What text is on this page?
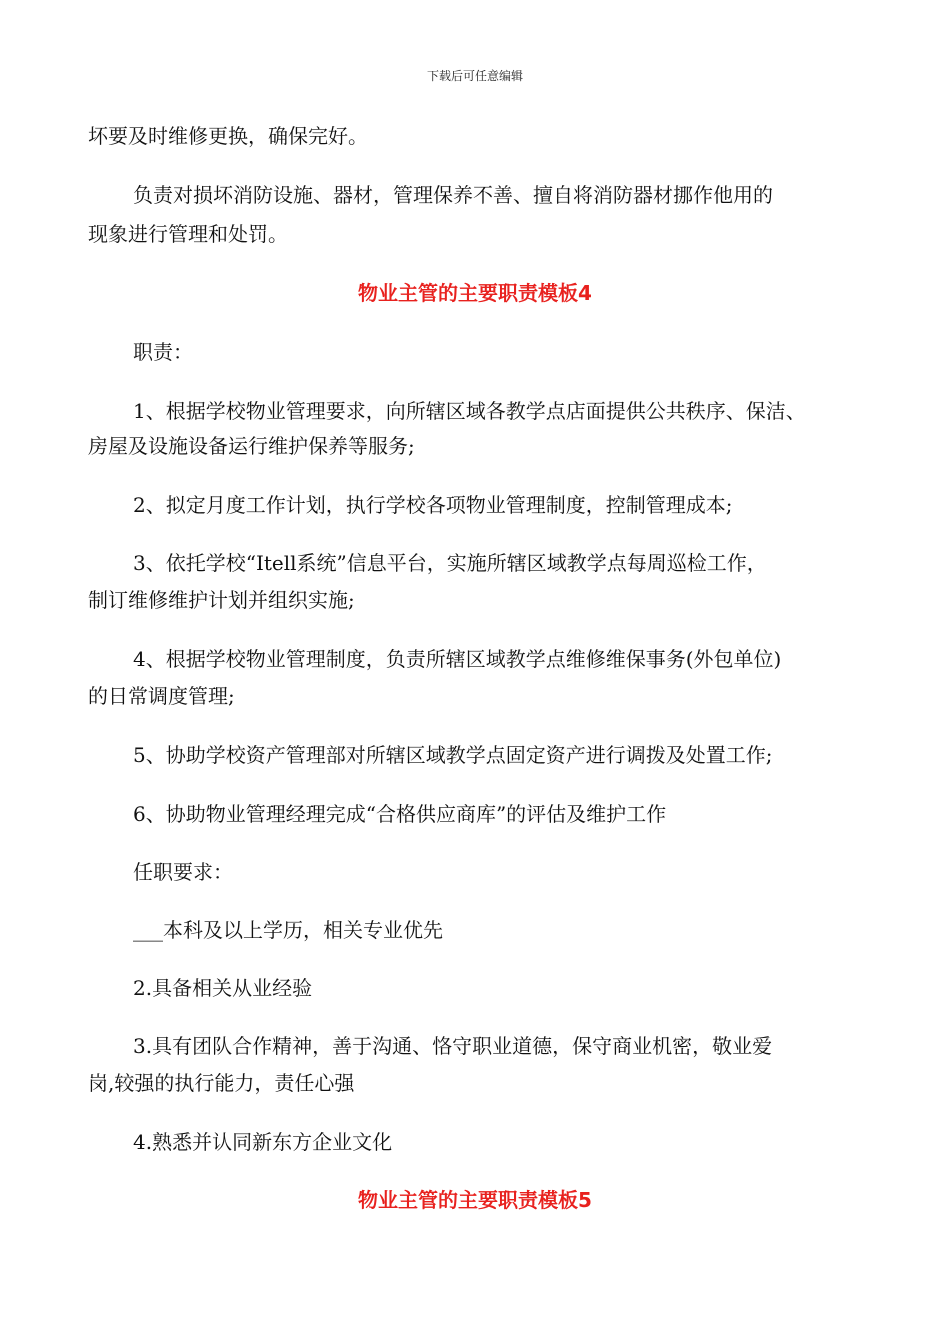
下载后可任意编辑
坏要及时维修更换，确保完好。
负责对损坏消防设施、器材，管理保养不善、擅自将消防器材挪作他用的
现象进行管理和处罚。
物业主管的主要职责模板4
职责：
1、根据学校物业管理要求，向所辖区域各教学点店面提供公共秩序、保洁、
房屋及设施设备运行维护保养等服务;
2、拟定月度工作计划，执行学校各项物业管理制度，控制管理成本;
3、依托学校“Itell系统”信息平台，实施所辖区域教学点每周巡检工作，
制订维修维护计划并组织实施;
4、根据学校物业管理制度，负责所辖区域教学点维修维保事务(外包单位)
的日常调度管理;
5、协助学校资产管理部对所辖区域教学点固定资产进行调拨及处置工作;
6、协助物业管理经理完成“合格供应商库”的评估及维护工作
任职要求：
___本科及以上学历，相关专业优先
2.具备相关从业经验
3.具有团队合作精神，善于沟通、恪守职业道德，保守商业机密，敬业爱
岗,较强的执行能力，责任心强
4.熟悉并认同新东方企业文化
物业主管的主要职责模板5
